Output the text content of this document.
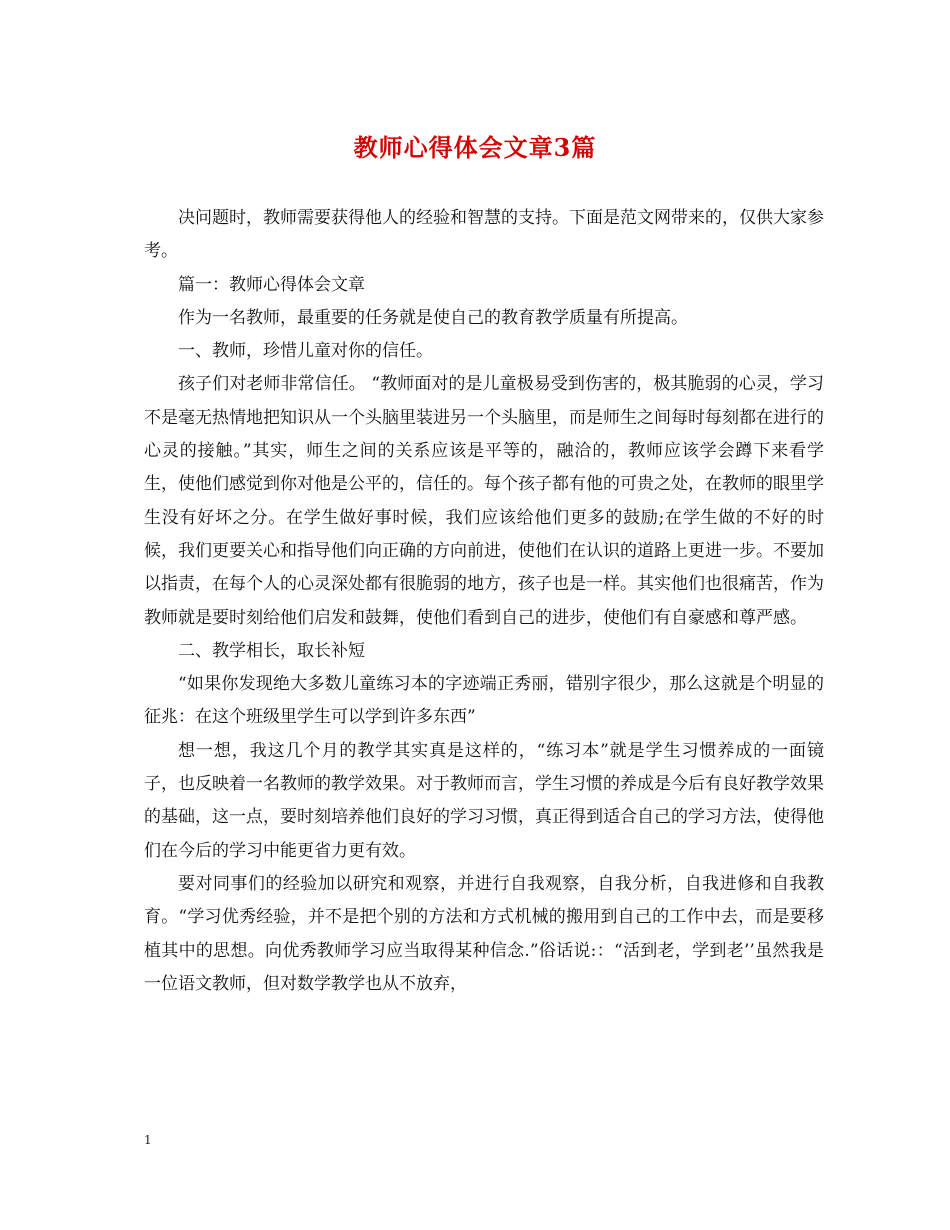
教师心得体会文章3篇

决问题时，教师需要获得他人的经验和智慧的支持。下面是范文网带来的，仅供大家参考。

篇一：教师心得体会文章

作为一名教师，最重要的任务就是使自己的教育教学质量有所提高。

一、教师，珍惜儿童对你的信任。

孩子们对老师非常信任。 “教师面对的是儿童极易受到伤害的，极其脆弱的心灵，学习不是毫无热情地把知识从一个头脑里装进另一个头脑里，而是师生之间每时每刻都在进行的心灵的接触。”其实，师生之间的关系应该是平等的，融洽的，教师应该学会蹲下来看学生，使他们感觉到你对他是公平的，信任的。每个孩子都有他的可贵之处，在教师的眼里学生没有好坏之分。在学生做好事时候，我们应该给他们更多的鼓励;在学生做的不好的时候，我们更要关心和指导他们向正确的方向前进，使他们在认识的道路上更进一步。不要加以指责，在每个人的心灵深处都有很脆弱的地方，孩子也是一样。其实他们也很痛苦，作为教师就是要时刻给他们启发和鼓舞，使他们看到自己的进步，使他们有自豪感和尊严感。

二、教学相长，取长补短

“如果你发现绝大多数儿童练习本的字迹端正秀丽，错别字很少，那么这就是个明显的征兆：在这个班级里学生可以学到许多东西”

想一想，我这几个月的教学其实真是这样的，“练习本”就是学生习惯养成的一面镜子，也反映着一名教师的教学效果。对于教师而言，学生习惯的养成是今后有良好教学效果的基础，这一点，要时刻培养他们良好的学习习惯，真正得到适合自己的学习方法，使得他们在今后的学习中能更省力更有效。

要对同事们的经验加以研究和观察，并进行自我观察，自我分析，自我进修和自我教育。“学习优秀经验，并不是把个别的方法和方式机械的搬用到自己的工作中去，而是要移植其中的思想。向优秀教师学习应当取得某种信念.”俗话说:：“活到老，学到老’’虽然我是一位语文教师，但对数学教学也从不放弃，

1
